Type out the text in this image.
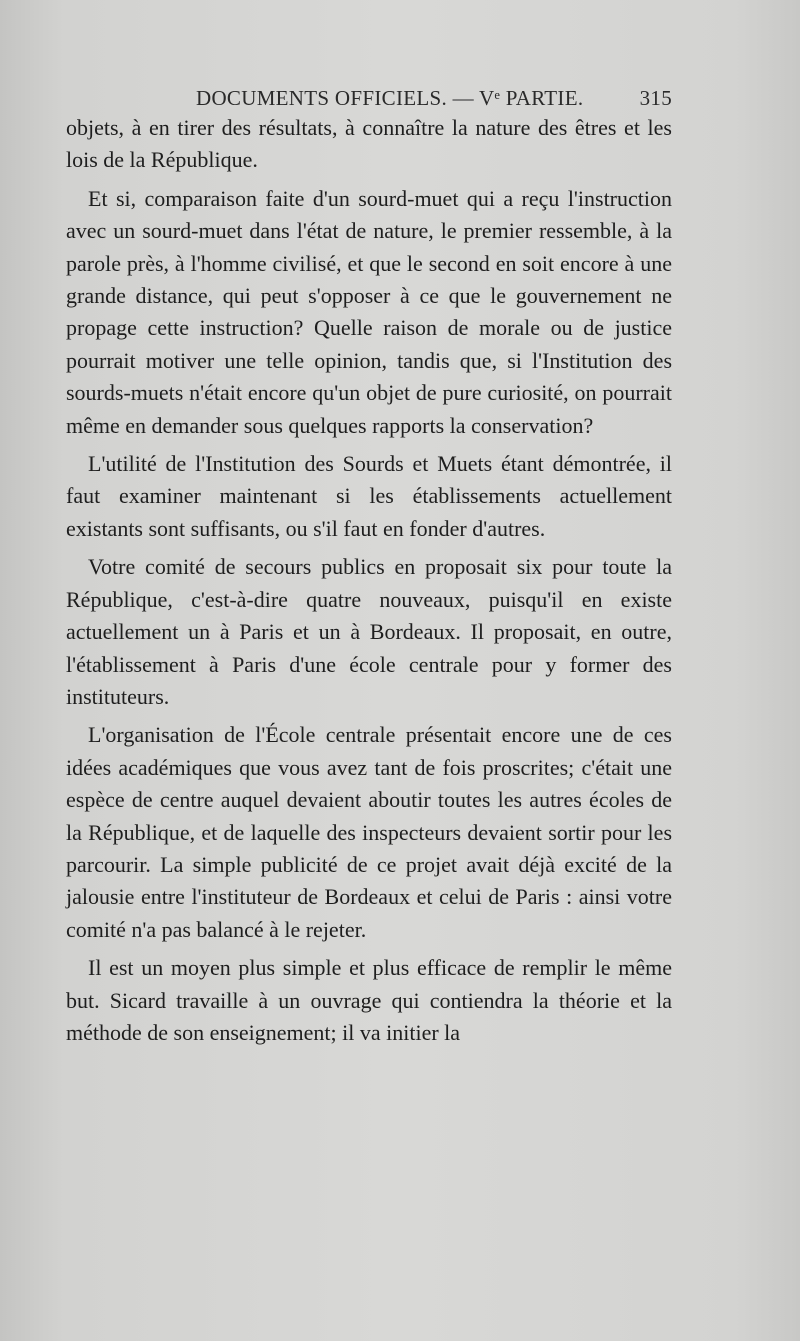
DOCUMENTS OFFICIELS. — Vᵉ PARTIE.	315

objets, à en tirer des résultats, à connaître la nature des êtres et les lois de la République.

Et si, comparaison faite d'un sourd-muet qui a reçu l'instruction avec un sourd-muet dans l'état de nature, le premier ressemble, à la parole près, à l'homme civilisé, et que le second en soit encore à une grande distance, qui peut s'opposer à ce que le gouvernement ne propage cette instruction? Quelle raison de morale ou de justice pourrait motiver une telle opinion, tandis que, si l'Institution des sourds-muets n'était encore qu'un objet de pure curiosité, on pourrait même en demander sous quelques rapports la conservation?

L'utilité de l'Institution des Sourds et Muets étant démontrée, il faut examiner maintenant si les établissements actuellement existants sont suffisants, ou s'il faut en fonder d'autres.

Votre comité de secours publics en proposait six pour toute la République, c'est-à-dire quatre nouveaux, puisqu'il en existe actuellement un à Paris et un à Bordeaux. Il proposait, en outre, l'établissement à Paris d'une école centrale pour y former des instituteurs.

L'organisation de l'École centrale présentait encore une de ces idées académiques que vous avez tant de fois proscrites; c'était une espèce de centre auquel devaient aboutir toutes les autres écoles de la République, et de laquelle des inspecteurs devaient sortir pour les parcourir. La simple publicité de ce projet avait déjà excité de la jalousie entre l'instituteur de Bordeaux et celui de Paris : ainsi votre comité n'a pas balancé à le rejeter.

Il est un moyen plus simple et plus efficace de remplir le même but. Sicard travaille à un ouvrage qui contiendra la théorie et la méthode de son enseignement; il va initier la
